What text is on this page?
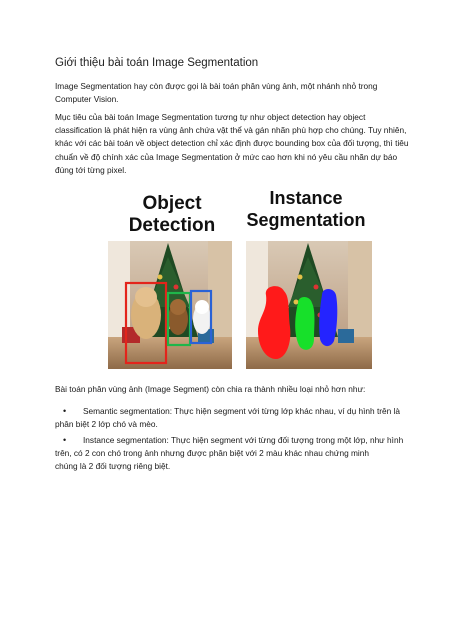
Giới thiệu bài toán Image Segmentation
Image Segmentation hay còn được gọi là bài toán phân vùng ảnh, một nhánh nhỏ trong
Computer Vision.
Mục tiêu của bài toán Image Segmentation tương tự như object detection hay object
classification là phát hiện ra vùng ảnh chứa vật thể và gán nhãn phù hợp cho chúng. Tuy nhiên,
khác với các bài toán về object detection chỉ xác định được bounding box của đối tượng, thì tiêu
chuẩn về độ chính xác của Image Segmentation ở mức cao hơn khi nó yêu cầu nhãn dự báo
đúng tới từng pixel.
Object
Detection
Instance
Segmentation
Bài toán phân vùng ảnh (Image Segment) còn chia ra thành nhiều loại nhỏ hơn như:
•	Semantic segmentation: Thực hiện segment với từng lớp khác nhau, ví dụ hình trên là
phân biệt 2 lớp chó và mèo.
•	Instance segmentation: Thực hiện segment với từng đối tượng trong một lớp, như hình
trên, có 2 con chó trong ảnh nhưng được phân biệt với 2 màu khác nhau chứng minh
chúng là 2 đối tượng riêng biệt.
